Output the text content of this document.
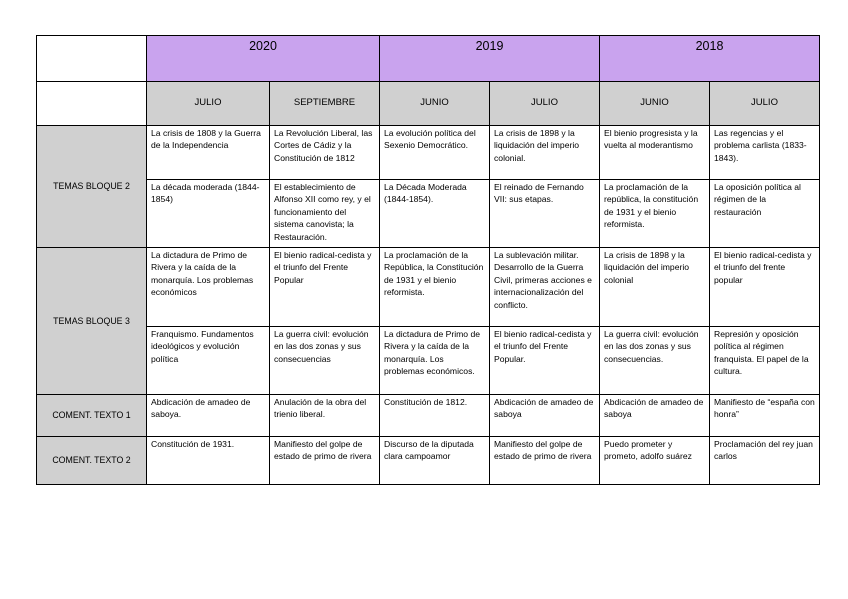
	2020		2019		2018	
	JULIO	SEPTIEMBRE	JUNIO	JULIO	JUNIO	JULIO
TEMAS BLOQUE 2	La crisis de 1808 y la Guerra de la Independencia	La Revolución Liberal, las Cortes de Cádiz y la Constitución de 1812	La evolución política del Sexenio Democrático.	La crisis de 1898 y la liquidación del imperio colonial.	El bienio progresista y la vuelta al moderantismo	Las regencias y el problema carlista (1833-1843).
	La década moderada (1844-1854)	El establecimiento de Alfonso XII como rey, y el funcionamiento del sistema canovista; la Restauración.	La Década Moderada (1844-1854).	El reinado de Fernando VII: sus etapas.	La proclamación de la república, la constitución de 1931 y el bienio reformista.	La oposición política al régimen de la restauración
TEMAS BLOQUE 3	La dictadura de Primo de Rivera y la caída de la monarquía. Los problemas económicos	El bienio radical-cedista y el triunfo del Frente Popular	La proclamación de la República, la Constitución de 1931 y el bienio reformista.	La sublevación militar. Desarrollo de la Guerra Civil, primeras acciones e internacionalización del conflicto.	La crisis de 1898 y la liquidación del imperio colonial	El bienio radical-cedista y el triunfo del frente popular
	Franquismo. Fundamentos ideológicos y evolución política	La guerra civil: evolución en las dos zonas y sus consecuencias	La dictadura de Primo de Rivera y la caída de la monarquía. Los problemas económicos.	El bienio radical-cedista y el triunfo del Frente Popular.	La guerra civil: evolución en las dos zonas y sus consecuencias.	Represión y oposición política al régimen franquista. El papel de la cultura.
COMENT. TEXTO 1	Abdicación de amadeo de saboya.	Anulación de la obra del trienio liberal.	Constitución de 1812.	Abdicación de amadeo de saboya	Abdicación de amadeo de saboya	Manifiesto de “españa con honra”
COMENT. TEXTO 2	Constitución de 1931.	Manifiesto del golpe de estado de primo de rivera	Discurso de la diputada clara campoamor	Manifiesto del golpe de estado de primo de rivera	Puedo prometer y prometo, adolfo suárez	Proclamación del rey juan carlos
